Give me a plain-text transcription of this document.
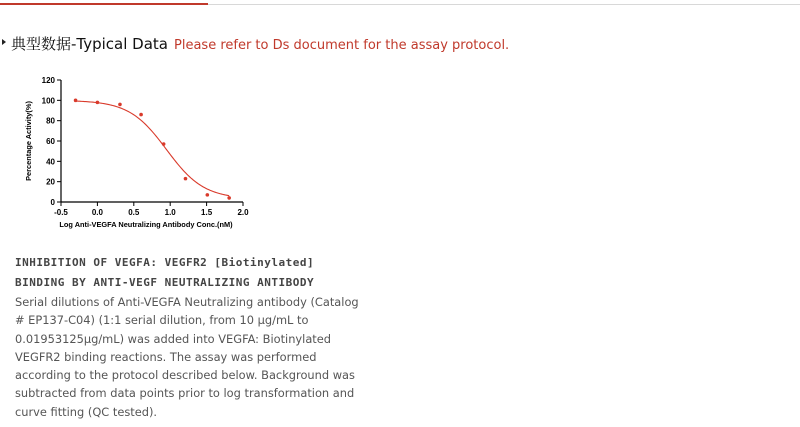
典型数据-Typical Data Please refer to Ds document for the assay protocol.
0
20
40
60
80
100
120
-0.5	0.0	0.5	1.0	1.5	2.0
Log Anti-VEGFA Neutralizing Antibody Conc.(nM)
Percentage Activity(%)
INHIBITION OF VEGFA: VEGFR2 [Biotinylated]
BINDING BY ANTI-VEGF NEUTRALIZING ANTIBODY
Serial dilutions of Anti-VEGFA Neutralizing antibody (Catalog
# EP137-C04) (1:1 serial dilution, from 10 μg/mL to
0.01953125μg/mL) was added into VEGFA: Biotinylated
VEGFR2 binding reactions. The assay was performed
according to the protocol described below. Background was
subtracted from data points prior to log transformation and
curve fitting (QC tested).
